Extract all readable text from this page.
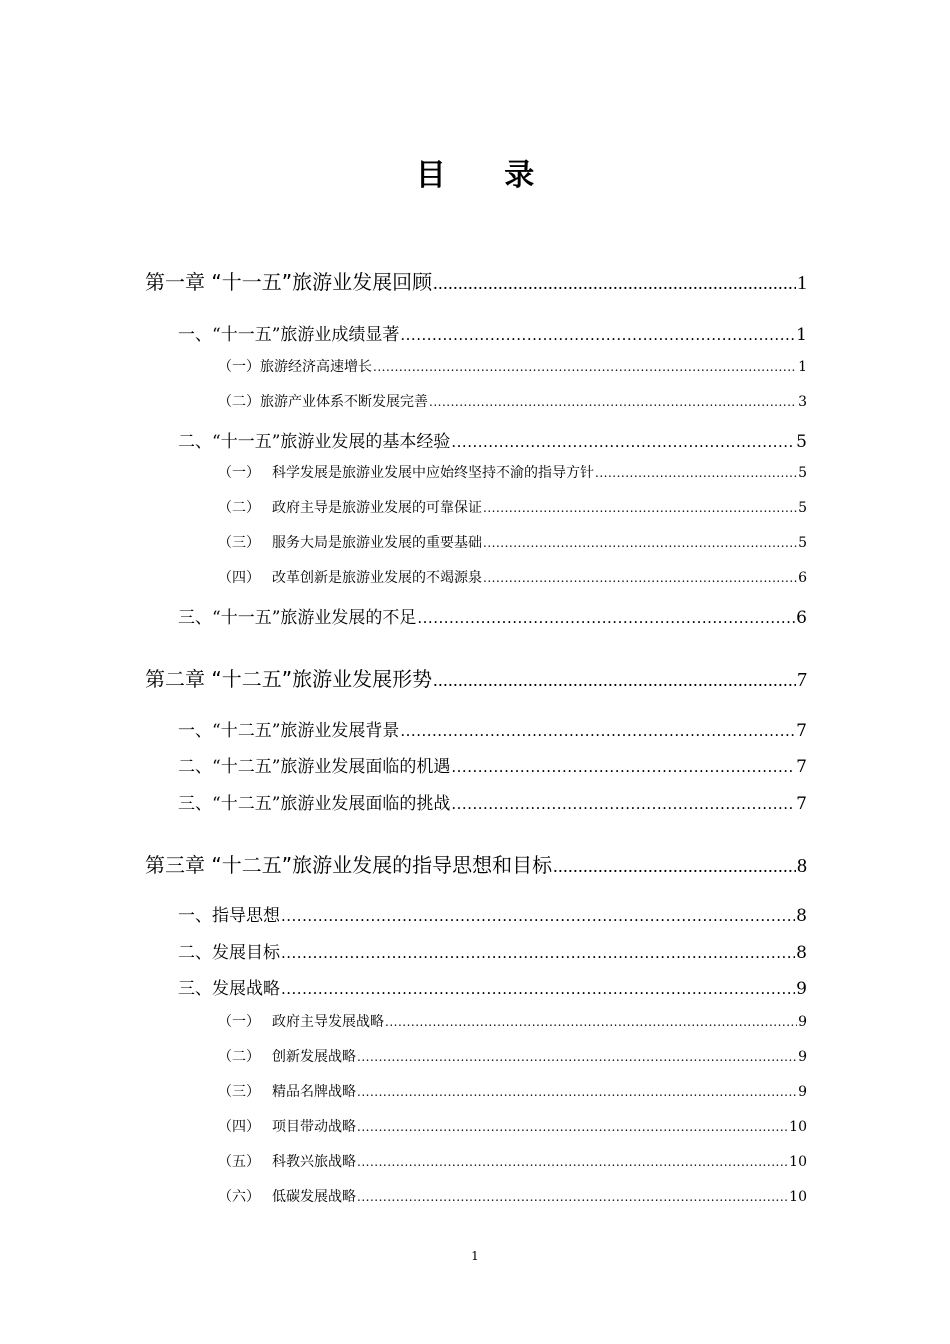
目 录
第一章 “十一五”旅游业发展回顾 .....	1
一、“十一五”旅游业成绩显著 .....	1
（一）旅游经济高速增长 .....	1
（二）旅游产业体系不断发展完善 .....	3
二、“十一五”旅游业发展的基本经验 .....	5
（一） 科学发展是旅游业发展中应始终坚持不渝的指导方针 .....	5
（二） 政府主导是旅游业发展的可靠保证 .....	5
（三） 服务大局是旅游业发展的重要基础 .....	5
（四） 改革创新是旅游业发展的不竭源泉 .....	6
三、“十一五”旅游业发展的不足 .....	6
第二章 “十二五”旅游业发展形势 .....	7
一、“十二五”旅游业发展背景 .....	7
二、“十二五”旅游业发展面临的机遇 .....	7
三、“十二五”旅游业发展面临的挑战 .....	7
第三章 “十二五”旅游业发展的指导思想和目标 .....	8
一、指导思想 .....	8
二、发展目标 .....	8
三、发展战略 .....	9
（一） 政府主导发展战略 .....	9
（二） 创新发展战略 .....	9
（三） 精品名牌战略 .....	9
（四） 项目带动战略 .....	10
（五） 科教兴旅战略 .....	10
（六） 低碳发展战略 .....	10
1
